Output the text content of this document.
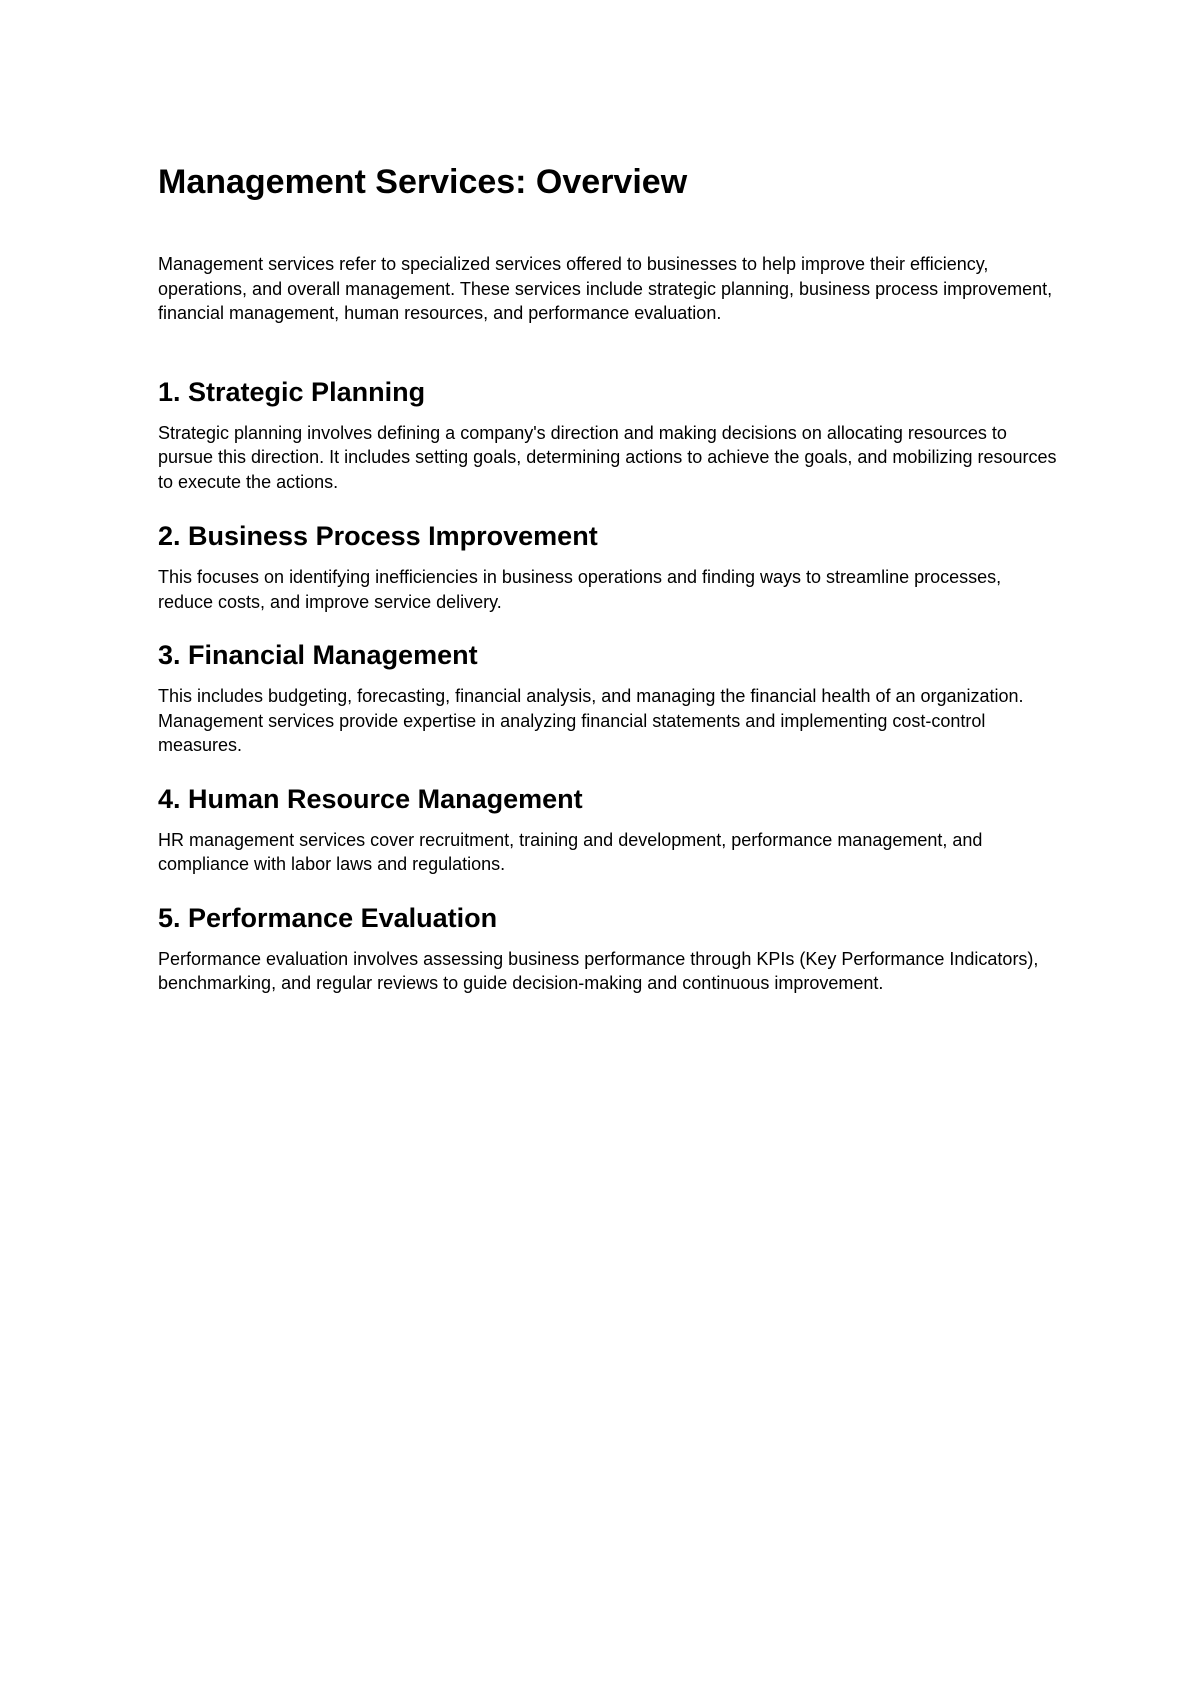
Management Services: Overview

Management services refer to specialized services offered to businesses to help improve their efficiency, operations, and overall management. These services include strategic planning, business process improvement, financial management, human resources, and performance evaluation.

1. Strategic Planning

Strategic planning involves defining a company's direction and making decisions on allocating resources to pursue this direction. It includes setting goals, determining actions to achieve the goals, and mobilizing resources to execute the actions.

2. Business Process Improvement

This focuses on identifying inefficiencies in business operations and finding ways to streamline processes, reduce costs, and improve service delivery.

3. Financial Management

This includes budgeting, forecasting, financial analysis, and managing the financial health of an organization. Management services provide expertise in analyzing financial statements and implementing cost-control measures.

4. Human Resource Management

HR management services cover recruitment, training and development, performance management, and compliance with labor laws and regulations.

5. Performance Evaluation

Performance evaluation involves assessing business performance through KPIs (Key Performance Indicators), benchmarking, and regular reviews to guide decision-making and continuous improvement.
